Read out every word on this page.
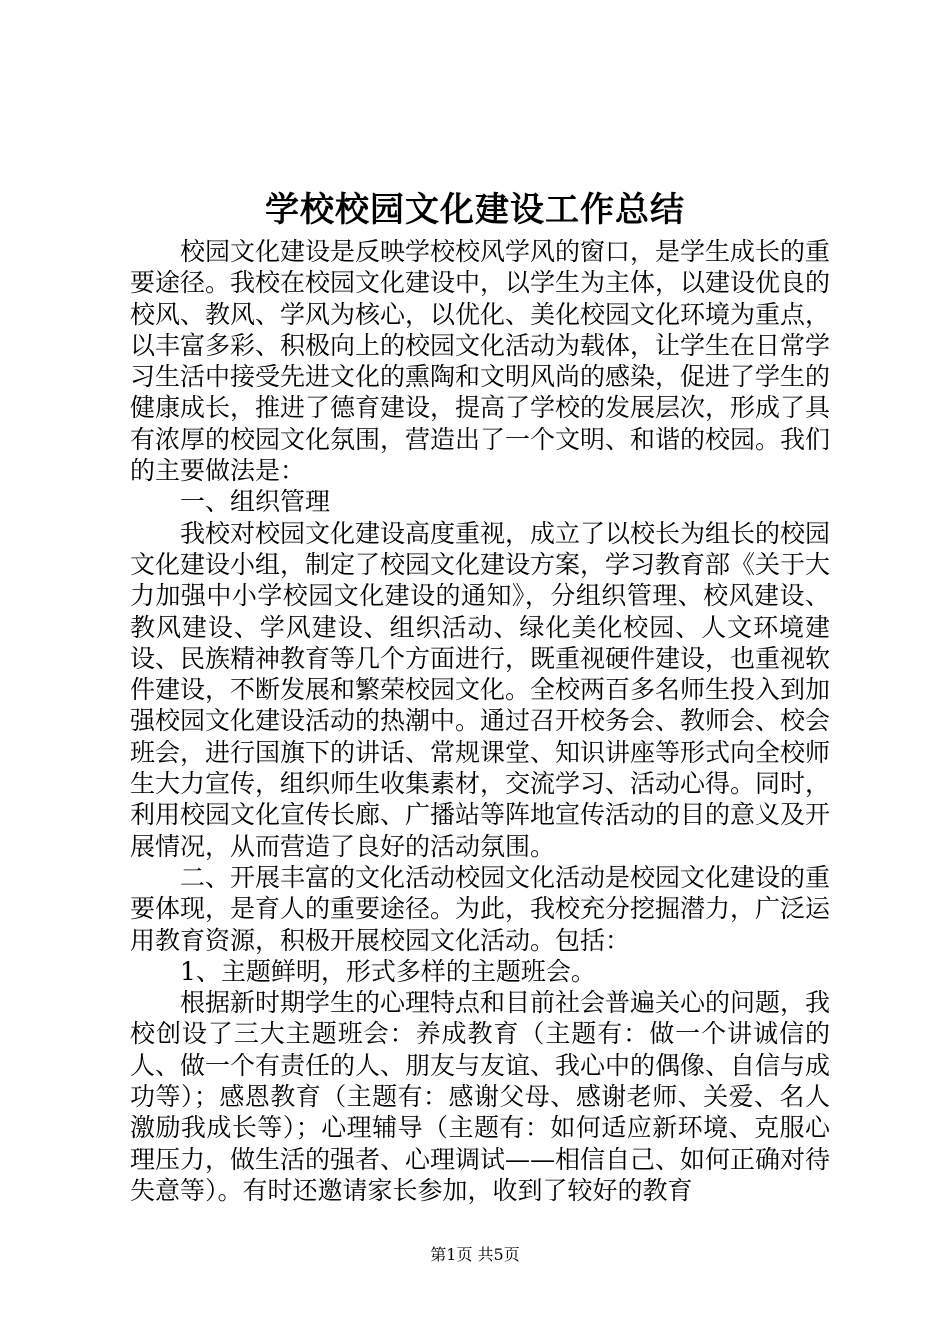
学校校园文化建设工作总结

校园文化建设是反映学校校风学风的窗口，是学生成长的重要途径。我校在校园文化建设中，以学生为主体，以建设优良的校风、教风、学风为核心，以优化、美化校园文化环境为重点，以丰富多彩、积极向上的校园文化活动为载体，让学生在日常学习生活中接受先进文化的熏陶和文明风尚的感染，促进了学生的健康成长，推进了德育建设，提高了学校的发展层次，形成了具有浓厚的校园文化氛围，营造出了一个文明、和谐的校园。我们的主要做法是：

一、组织管理

我校对校园文化建设高度重视，成立了以校长为组长的校园文化建设小组，制定了校园文化建设方案，学习教育部《关于大力加强中小学校园文化建设的通知》，分组织管理、校风建设、教风建设、学风建设、组织活动、绿化美化校园、人文环境建设、民族精神教育等几个方面进行，既重视硬件建设，也重视软件建设，不断发展和繁荣校园文化。全校两百多名师生投入到加强校园文化建设活动的热潮中。通过召开校务会、教师会、校会班会，进行国旗下的讲话、常规课堂、知识讲座等形式向全校师生大力宣传，组织师生收集素材，交流学习、活动心得。同时，利用校园文化宣传长廊、广播站等阵地宣传活动的目的意义及开展情况，从而营造了良好的活动氛围。

二、开展丰富的文化活动校园文化活动是校园文化建设的重要体现，是育人的重要途径。为此，我校充分挖掘潜力，广泛运用教育资源，积极开展校园文化活动。包括：

1、主题鲜明，形式多样的主题班会。

根据新时期学生的心理特点和目前社会普遍关心的问题，我校创设了三大主题班会：养成教育（主题有：做一个讲诚信的人、做一个有责任的人、朋友与友谊、我心中的偶像、自信与成功等）；感恩教育（主题有：感谢父母、感谢老师、关爱、名人激励我成长等）；心理辅导（主题有：如何适应新环境、克服心理压力，做生活的强者、心理调试——相信自己、如何正确对待失意等）。有时还邀请家长参加，收到了较好的教育

第1页 共5页
